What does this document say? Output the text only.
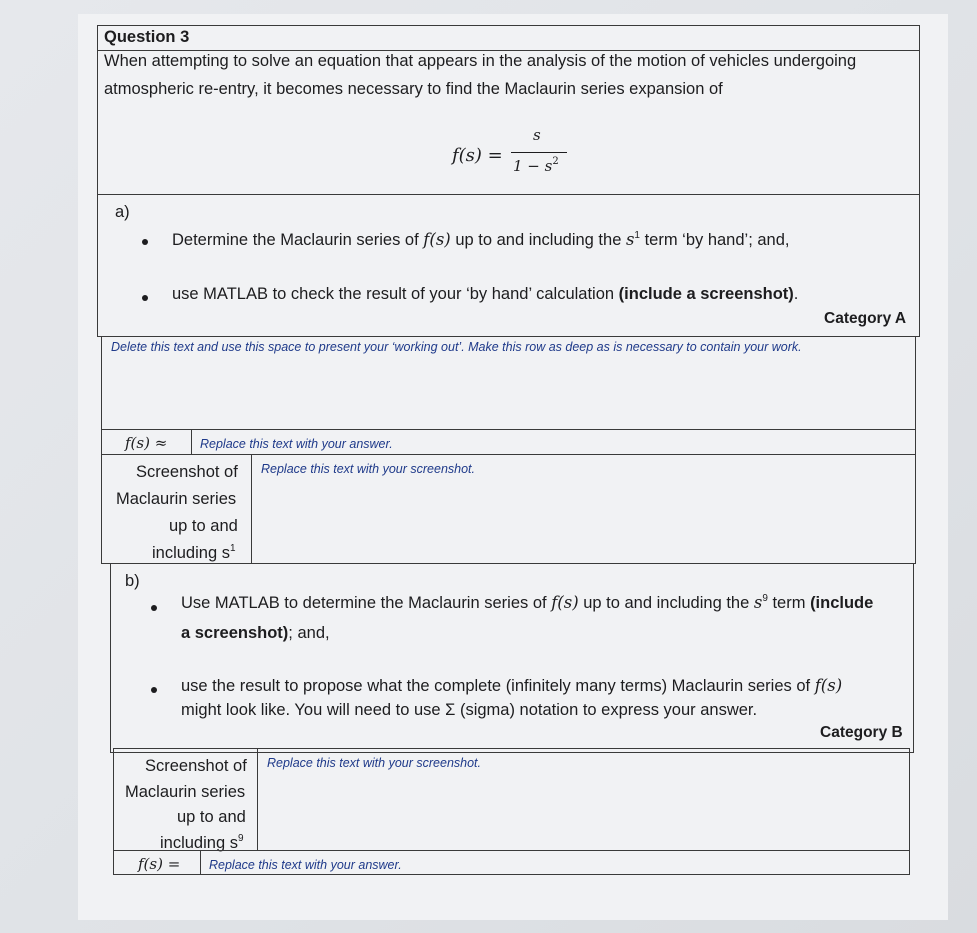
Question 3
When attempting to solve an equation that appears in the analysis of the motion of vehicles undergoing
atmospheric re-entry, it becomes necessary to find the Maclaurin series expansion of
f(s) =
s
$1 - s^2$
a)
Determine the Maclaurin series of f(s) up to and including the $s^1$ term ‘by hand’; and,
use MATLAB to check the result of your ‘by hand’ calculation (include a screenshot).
Category A
Delete this text and use this space to present your ‘working out’. Make this row as deep as is necessary to contain your work.
f(s) ≈	Replace this text with your answer.
Screenshot of
Maclaurin series
up to and
including $s^1$
Replace this text with your screenshot.
b)
Use MATLAB to determine the Maclaurin series of f(s) up to and including the $s^9$ term (include
a screenshot); and,
use the result to propose what the complete (infinitely many terms) Maclaurin series of f(s)
might look like. You will need to use Σ (sigma) notation to express your answer.
Category B
Screenshot of
Maclaurin series
up to and
including $s^9$
Replace this text with your screenshot.
f(s) = Replace this text with your answer.
